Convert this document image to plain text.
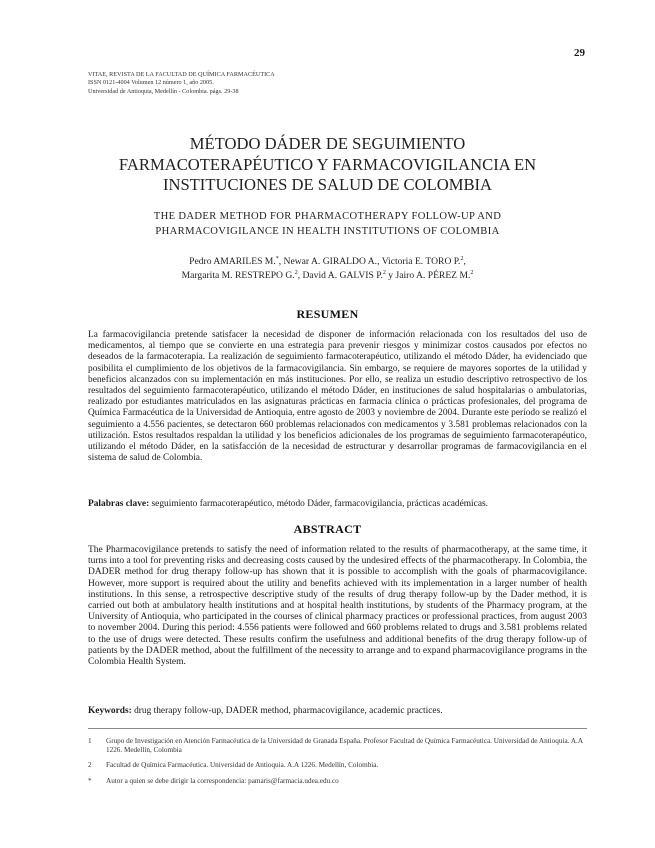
29
VITAE, REVISTA DE LA FACULTAD DE QUÍMICA FARMACÉUTICA
ISSN 0121-4004 Volumen 12 número 1, año 2005.
Universidad de Antioquia, Medellín - Colombia. págs. 29-38
MÉTODO DÁDER DE SEGUIMIENTO
FARMACOTERAPÉUTICO Y FARMACOVIGILANCIA EN
INSTITUCIONES DE SALUD DE COLOMBIA
THE DADER METHOD FOR PHARMACOTHERAPY FOLLOW-UP AND
PHARMACOVIGILANCE IN HEALTH INSTITUTIONS OF COLOMBIA
Pedro AMARILES M.*, Newar A. GIRALDO A., Victoria E. TORO P.$^2$,
Margarita M. RESTREPO G.$^2$, David A. GALVIS P.$^2$ y Jairo A. PÉREZ M.$^2$
RESUMEN
La farmacovigilancia pretende satisfacer la necesidad de disponer de información relacionada con los resultados del uso de medicamentos, al tiempo que se convierte en una estrategia para prevenir riesgos y minimizar costos causados por efectos no deseados de la farmacoterapia. La realización de seguimiento farmacoterapéutico, utilizando el método Dáder, ha evidenciado que posibilita el cumplimiento de los objetivos de la farmacovigilancia. Sin embargo, se requiere de mayores soportes de la utilidad y beneficios alcanzados con su implementación en más instituciones. Por ello, se realiza un estudio descriptivo retrospectivo de los resultados del seguimiento farmacoterapéutico, utilizando el método Dáder, en instituciones de salud hospitalarias o ambulatorias, realizado por estudiantes matriculados en las asignaturas prácticas en farmacia clínica o prácticas profesionales, del programa de Química Farmacéutica de la Universidad de Antioquia, entre agosto de 2003 y noviembre de 2004. Durante este período se realizó el seguimiento a 4.556 pacientes, se detectaron 660 problemas relacionados con medicamentos y 3.581 problemas relacionados con la utilización. Estos resultados respaldan la utilidad y los beneficios adicionales de los programas de seguimiento farmacoterapéutico, utilizando el método Dáder, en la satisfacción de la necesidad de estructurar y desarrollar programas de farmacovigilancia en el sistema de salud de Colombia.
Palabras clave: seguimiento farmacoterapéutico, método Dáder, farmacovigilancia, prácticas académicas.
ABSTRACT
The Pharmacovigilance pretends to satisfy the need of information related to the results of pharmacotherapy, at the same time, it turns into a tool for preventing risks and decreasing costs caused by the undesired effects of the pharmacotherapy. In Colombia, the DADER method for drug therapy follow-up has shown that it is possible to accomplish with the goals of pharmacovigilance. However, more support is required about the utility and benefits achieved with its implementation in a larger number of health institutions. In this sense, a retrospective descriptive study of the results of drug therapy follow-up by the Dader method, it is carried out both at ambulatory health institutions and at hospital health institutions, by students of the Pharmacy program, at the University of Antioquia, who participated in the courses of clinical pharmacy practices or professional practices, from august 2003 to november 2004. During this period: 4.556 patients were followed and 660 problems related to drugs and 3.581 problems related to the use of drugs were detected. These results confirm the usefulness and additional benefits of the drug therapy follow-up of patients by the DADER method, about the fulfillment of the necessity to arrange and to expand pharmacovigilance programs in the Colombia Health System.
Keywords: drug therapy follow-up, DADER method, pharmacovigilance, academic practices.
1	Grupo de Investigación en Atención Farmacéutica de la Universidad de Granada España. Profesor Facultad de Química Farmacéutica. Universidad de Antioquia. A.A 1226. Medellín, Colombia
2	Facultad de Química Farmacéutica. Universidad de Antioquia. A.A 1226. Medellín, Colombia.
*	Autor a quien se debe dirigir la correspondencia: pamaris@farmacia.udea.edu.co
